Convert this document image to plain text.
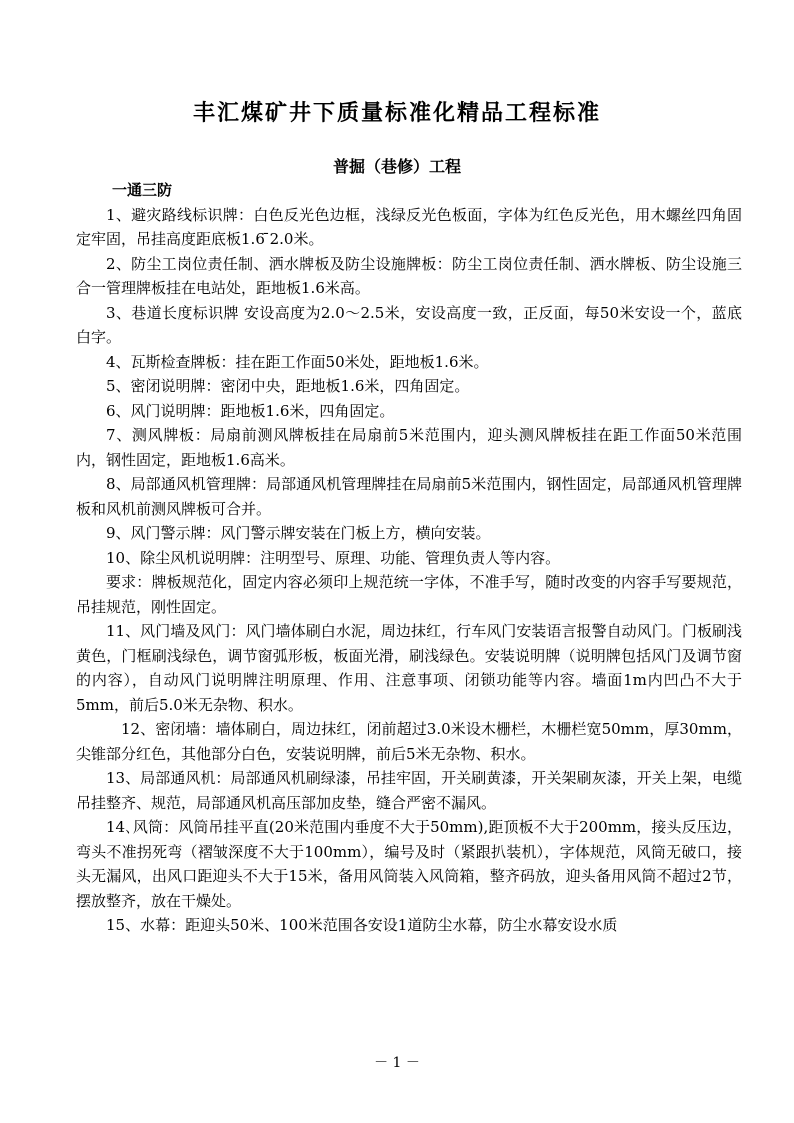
丰汇煤矿井下质量标准化精品工程标准
普掘（巷修）工程

一通三防

1、避灾路线标识牌：白色反光色边框，浅绿反光色板面，字体为红色反光色，用木螺丝四角固定牢固，吊挂高度距底板1.6 ̄2.0米。

2、防尘工岗位责任制、洒水牌板及防尘设施牌板：防尘工岗位责任制、洒水牌板、防尘设施三合一管理牌板挂在电站处，距地板1.6米高。

3、巷道长度标识牌 安设高度为2.0～2.5米，安设高度一致，正反面，每50米安设一个，蓝底白字。

4、瓦斯检查牌板：挂在距工作面50米处，距地板1.6米。

5、密闭说明牌：密闭中央，距地板1.6米，四角固定。

6、风门说明牌：距地板1.6米，四角固定。

7、测风牌板：局扇前测风牌板挂在局扇前5米范围内，迎头测风牌板挂在距工作面50米范围内，钢性固定，距地板1.6高米。

8、局部通风机管理牌：局部通风机管理牌挂在局扇前5米范围内，钢性固定，局部通风机管理牌板和风机前测风牌板可合并。

9、风门警示牌：风门警示牌安装在门板上方，横向安装。

10、除尘风机说明牌：注明型号、原理、功能、管理负责人等内容。

要求：牌板规范化，固定内容必须印上规范统一字体，不准手写，随时改变的内容手写要规范，吊挂规范，刚性固定。

11、风门墙及风门：风门墙体刷白水泥，周边抹红，行车风门安装语言报警自动风门。门板刷浅黄色，门框刷浅绿色，调节窗弧形板，板面光滑，刷浅绿色。安装说明牌（说明牌包括风门及调节窗的内容），自动风门说明牌注明原理、作用、注意事项、闭锁功能等内容。墙面1m内凹凸不大于5mm，前后5.0米无杂物、积水。

12、密闭墙：墙体刷白，周边抹红，闭前超过3.0米设木栅栏，木栅栏宽50mm，厚30mm，尖锥部分红色，其他部分白色，安装说明牌，前后5米无杂物、积水。

13、局部通风机：局部通风机刷绿漆，吊挂牢固，开关刷黄漆，开关架刷灰漆，开关上架，电缆吊挂整齐、规范，局部通风机高压部加皮垫，缝合严密不漏风。

14､风筒：风筒吊挂平直(20米范围内垂度不大于50mm),距顶板不大于200mm，接头反压边，弯头不准拐死弯（褶皱深度不大于100mm），编号及时（紧跟扒装机），字体规范，风筒无破口，接头无漏风，出风口距迎头不大于15米，备用风筒装入风筒箱，整齐码放，迎头备用风筒不超过2节，摆放整齐，放在干燥处。

15、水幕：距迎头50米、100米范围各安设1道防尘水幕，防尘水幕安设水质

－ 1 －
